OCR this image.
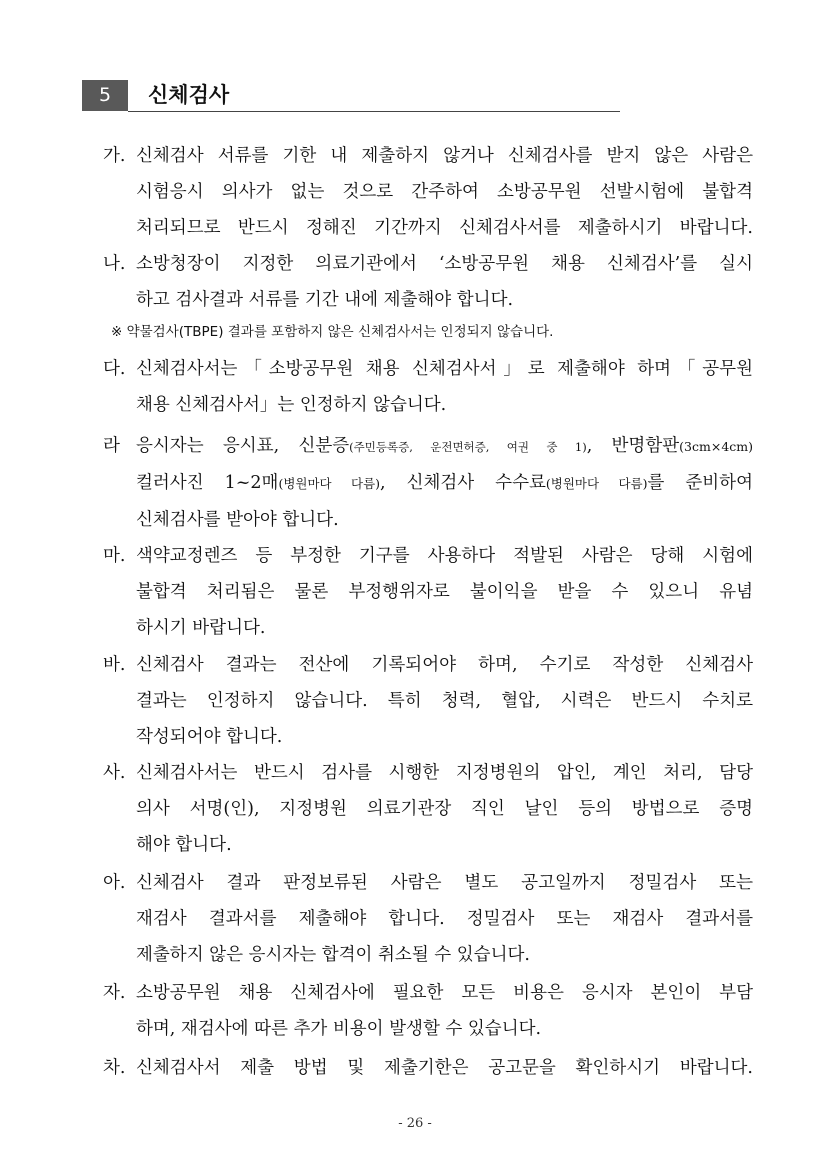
5	신체검사
가. 신체검사 서류를 기한 내 제출하지 않거나 신체검사를 받지 않은 사람은
시험응시 의사가 없는 것으로 간주하여 소방공무원 선발시험에 불합격
처리되므로 반드시 정해진 기간까지 신체검사서를 제출하시기 바랍니다.
나. 소방청장이 지정한 의료기관에서 ‘소방공무원 채용 신체검사’를 실시
하고 검사결과 서류를 기간 내에 제출해야 합니다.
※ 약물검사(TBPE) 결과를 포함하지 않은 신체검사서는 인정되지 않습니다.
다. 신체검사서는「소방공무원 채용 신체검사서」로 제출해야 하며「공무원
채용 신체검사서」는 인정하지 않습니다.
라 응시자는 응시표, 신분증(주민등록증, 운전면허증, 여권 중 1), 반명함판(3cm×4cm)
컬러사진 1~2매(병원마다 다름), 신체검사 수수료(병원마다 다름)를 준비하여
신체검사를 받아야 합니다.
마. 색약교정렌즈 등 부정한 기구를 사용하다 적발된 사람은 당해 시험에
불합격 처리됨은 물론 부정행위자로 불이익을 받을 수 있으니 유념
하시기 바랍니다.
바. 신체검사 결과는 전산에 기록되어야 하며, 수기로 작성한 신체검사
결과는 인정하지 않습니다. 특히 청력, 혈압, 시력은 반드시 수치로
작성되어야 합니다.
사. 신체검사서는 반드시 검사를 시행한 지정병원의 압인, 계인 처리, 담당
의사 서명(인), 지정병원 의료기관장 직인 날인 등의 방법으로 증명
해야 합니다.
아. 신체검사 결과 판정보류된 사람은 별도 공고일까지 정밀검사 또는
재검사 결과서를 제출해야 합니다. 정밀검사 또는 재검사 결과서를
제출하지 않은 응시자는 합격이 취소될 수 있습니다.
자. 소방공무원 채용 신체검사에 필요한 모든 비용은 응시자 본인이 부담
하며, 재검사에 따른 추가 비용이 발생할 수 있습니다.
차. 신체검사서 제출 방법 및 제출기한은 공고문을 확인하시기 바랍니다.
- 26 -
